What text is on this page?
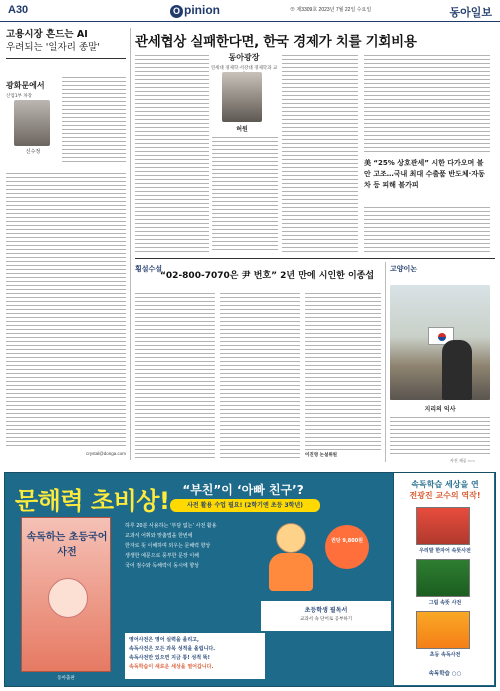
A30	O pinion	⊕ 제3309호 2023년 7월 22일 수요일	동아일보
고용시장 흔드는 AI
우려되는 '일자리 종말'
광화문에서
산업1부 차장
신수정
crystal@donga.com
관세협상 실패한다면, 한국 경제가 치를 기회비용
동아광장
연세대 경제학·서강대 경제학과 교
허원
美 “25% 상호관세” 시한 다가오며 불안 고조…국내 최대 수출품 반도체·자동차 등 피해 불가피
횡설수설
“02-800-7070은 尹 번호” 2년 만에 시인한 이종섭
이진영 논설위원
고양이논
지리의 익사
사진 제공 ○○○
문해력 초비상!
속독하는 초등국어사전
동아출판
“부친”이 ‘아빠 친구’?
사전 활용 수업 필요! (2학기엔 초등 3학년)
하루 20분 사용하는 ‘부담 없는’ 사전 활용
교과서 어휘와 맞춤법을 한번에
한자로 뜻 이해하며 외우는 문해력 향상
생생한 예문으로 풍부한 문장 이해
국어 점수와 독해력이 동시에 향상
권당 9,800원
초등학생 필독서
교과서 속 단어로 공부하기
영어사전은 영어 실력을 올리고,
속독사전은 모든 과목 성적을 올립니다.
속독사전만 있으면 지금 통! 성적 뚝!
속독학습이 새로운 세상을 열어갑니다.
속독학습 세상을 연
전광진 교수의 역작!
우리말 한자어 속뜻사전
그림 속뜻 사전
초등 속독사전
속독학습 ○○
